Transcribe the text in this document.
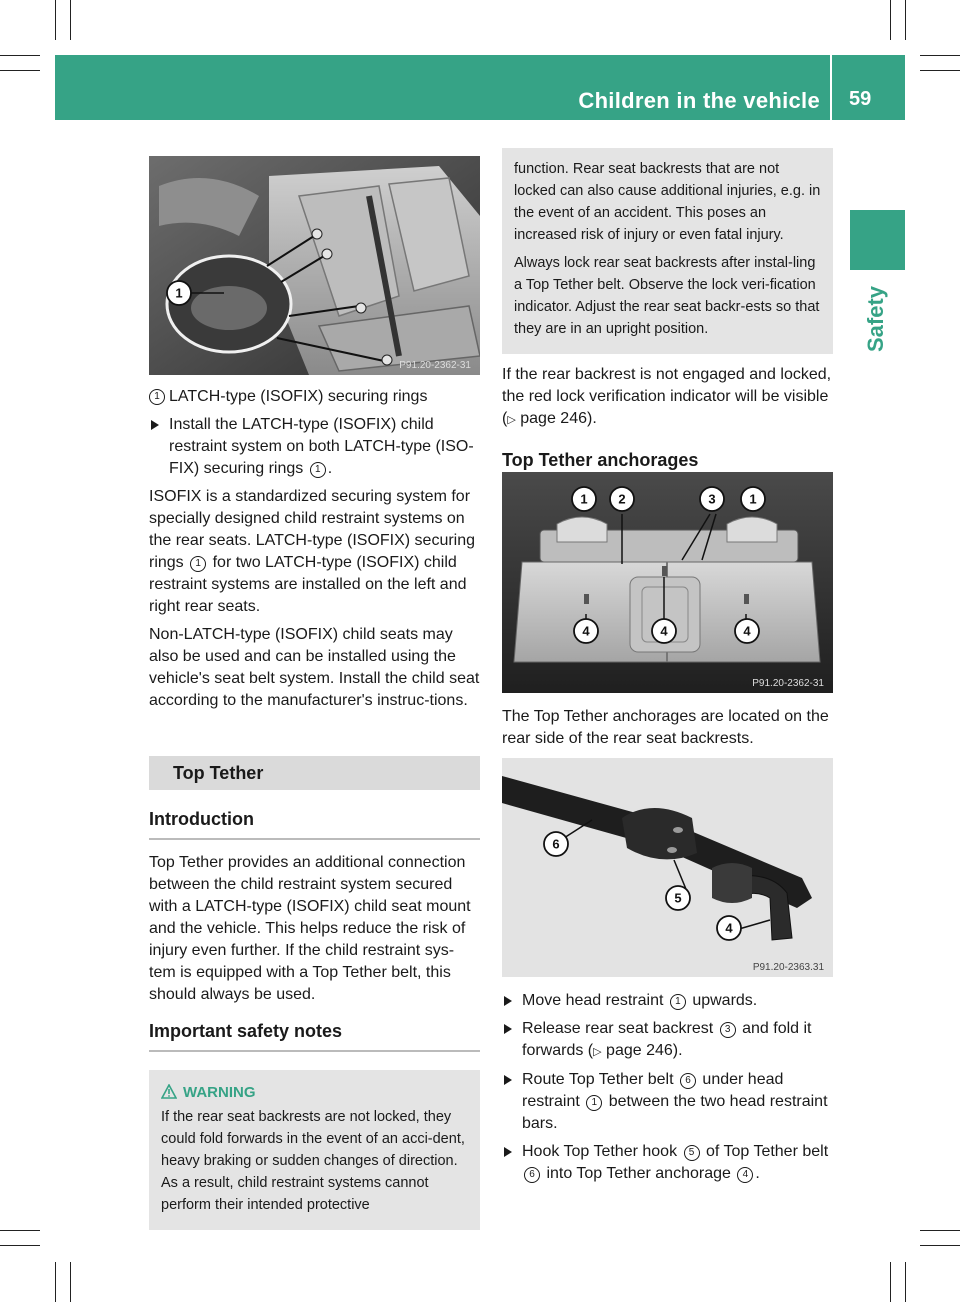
Children in the vehicle 59
Safety
1
P91.20-2362-31
1 LATCH-type (ISOFIX) securing rings
Install the LATCH-type (ISOFIX) child restraint system on both LATCH-type (ISO-FIX) securing rings 1 .

ISOFIX is a standardized securing system for specially designed child restraint systems on the rear seats. LATCH-type (ISOFIX) securing rings 1 for two LATCH-type (ISOFIX) child restraint systems are installed on the left and right rear seats.

Non-LATCH-type (ISOFIX) child seats may also be used and can be installed using the vehicle's seat belt system. Install the child seat according to the manufacturer's instruc-tions.

Top Tether
Introduction

Top Tether provides an additional connection between the child restraint system secured with a LATCH-type (ISOFIX) child seat mount and the vehicle. This helps reduce the risk of injury even further. If the child restraint sys-tem is equipped with a Top Tether belt, this should always be used.

Important safety notes
WARNING

If the rear seat backrests are not locked, they could fold forwards in the event of an acci-dent, heavy braking or sudden changes of direction. As a result, child restraint systems cannot perform their intended protective

function. Rear seat backrests that are not locked can also cause additional injuries, e.g. in the event of an accident. This poses an increased risk of injury or even fatal injury.

Always lock rear seat backrests after instal-ling a Top Tether belt. Observe the lock veri-fication indicator. Adjust the rear seat backr-ests so that they are in an upright position.

If the rear backrest is not engaged and locked, the red lock verification indicator will be visible (▷ page 246).

Top Tether anchorages
1 2	3	1
4	4	4
P91.20-2362-31

The Top Tether anchorages are located on the rear side of the rear seat backrests.

6
5
4
P91.20-2363.31
Move head restraint 1 upwards.
Release rear seat backrest 3 and fold it forwards (▷ page 246).
Route Top Tether belt 6 under head restraint 1 between the two head restraint bars.
Hook Top Tether hook 5 of Top Tether belt 6 into Top Tether anchorage 4 .
